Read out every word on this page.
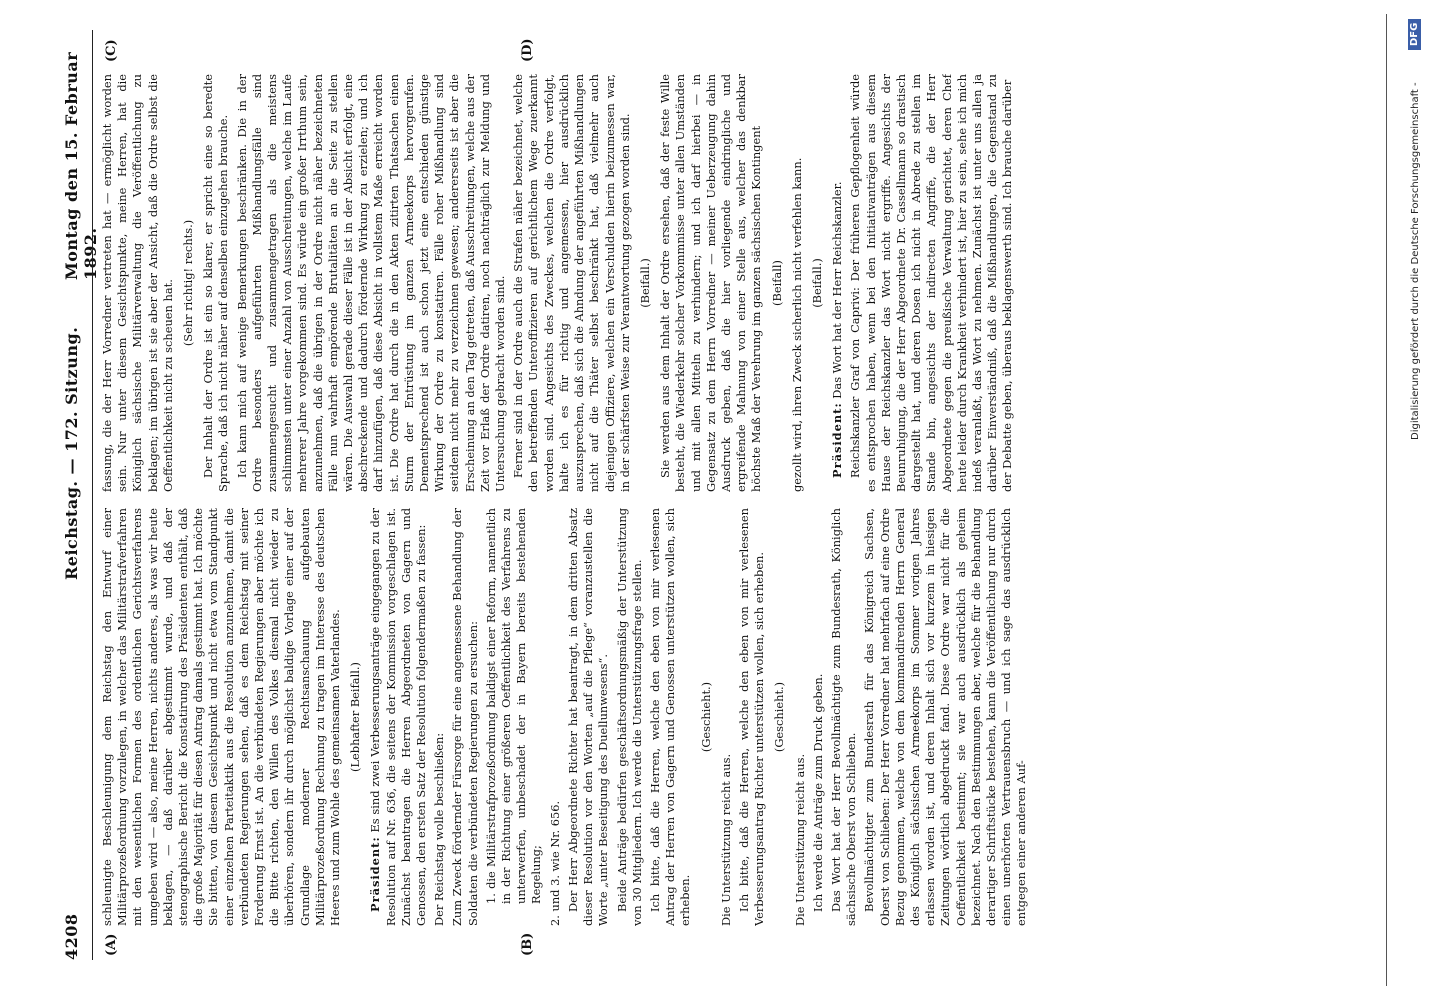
4208
Reichstag. — 172. Sitzung.
Montag den 15. Februar 1892.
(A)	(B)
(C)	(D)

schleunigte Beschleunigung dem Reichstag den Entwurf einer Militärprozeßordnung vorzulegen, in welcher das Militärstrafverfahren mit den wesentlichen Formen des ordentlichen Gerichtsverfahrens umgeben wird — also, meine Herren, nichts anderes, als was wir heute beklagen, — daß darüber abgestimmt wurde, und daß der stenographische Bericht die Konstatirung des Präsidenten enthält, daß die große Majorität für diesen Antrag damals gestimmt hat. Ich möchte Sie bitten, von diesem Gesichtspunkt und nicht etwa vom Standpunkt einer einzelnen Parteitaktik aus die Resolution anzunehmen, damit die verbündeten Regierungen sehen, daß es dem Reichstag mit seiner Forderung Ernst ist. An die verbündeten Regierungen aber möchte ich die Bitte richten, den Willen des Volkes diesmal nicht wieder zu überhören, sondern ihr durch möglichst baldige Vorlage einer auf der Grundlage moderner Rechtsanschauung aufgebauten Militärprozeßordnung Rechnung zu tragen im Interesse des deutschen Heeres und zum Wohle des gemeinsamen Vaterlandes. (Lebhafter Beifall.)

Präsident: Es sind zwei Verbesserungsanträge eingegangen zu der Resolution auf Nr. 636, die seitens der Kommission vorgeschlagen ist. Zunächst beantragen die Herren Abgeordneten von Gagern und Genossen, den ersten Satz der Resolution folgendermaßen zu fassen: Der Reichstag wolle beschließen: Zum Zweck fördernder Fürsorge für eine angemessene Behandlung der Soldaten die verbündeten Regierungen zu ersuchen: 1. die Militärstrafprozeßordnung baldigst einer Reform, namentlich in der Richtung einer größeren Oeffentlichkeit des Verfahrens zu unterwerfen, unbeschadet der in Bayern bereits bestehenden Regelung; 2. und 3. wie Nr. 656. Der Herr Abgeordnete Richter hat beantragt, in dem dritten Absatz dieser Resolution vor den Worten „auf die Pflege“ voranzustellen die Worte „unter Beseitigung des Duellunwesens“. Beide Anträge bedürfen geschäftsordnungsmäßig der Unterstützung von 30 Mitgliedern. Ich werde die Unterstützungsfrage stellen. Ich bitte, daß die Herren, welche den eben von mir verlesenen Antrag der Herren von Gagern und Genossen unterstützen wollen, sich erheben.

(Geschieht.)

Die Unterstützung reicht aus. Ich bitte, daß die Herren, welche den eben von mir verlesenen Verbesserungsantrag Richter unterstützen wollen, sich erheben. (Geschieht.)

Die Unterstützung reicht aus. Ich werde die Anträge zum Druck geben. Das Wort hat der Herr Bevollmächtigte zum Bundesrath, Königlich sächsische Oberst von Schlieben. Bevollmächtigter zum Bundesrath für das Königreich Sachsen, Oberst von Schlieben: Der Herr Vorredner hat mehrfach auf eine Ordre Bezug genommen, welche von dem kommandirenden Herrn General des Königlich sächsischen Armeekorps im Sommer vorigen Jahres erlassen worden ist, und deren Inhalt sich vor kurzem in hiesigen Zeitungen wörtlich abgedruckt fand. Diese Ordre war nicht für die Oeffentlichkeit bestimmt; sie war auch ausdrücklich als geheim bezeichnet. Nach den Bestimmungen aber, welche für die Behandlung derartiger Schriftstücke bestehen, kann die Veröffentlichung nur durch einen unerhörten Vertrauensbruch — und ich sage das ausdrücklich entgegen einer anderen Auf-

fassung, die der Herr Vorredner vertreten hat — ermöglicht worden sein. Nur unter diesem Gesichtspunkte, meine Herren, hat die Königlich sächsische Militärverwaltung die Veröffentlichung zu beklagen; im übrigen ist sie aber der Ansicht, daß die Ordre selbst die Oeffentlichkeit nicht zu scheuen hat. (Sehr richtig! rechts.) Der Inhalt der Ordre ist ein so klarer, er spricht eine so beredte Sprache, daß ich nicht näher auf denselben einzugehen brauche. Ich kann mich auf wenige Bemerkungen beschränken. Die in der Ordre besonders aufgeführten Mißhandlungsfälle sind zusammengesucht und zusammengetragen als die meistens schlimmsten unter einer Anzahl von Ausschreitungen, welche im Laufe mehrerer Jahre vorgekommen sind. Es würde ein großer Irrthum sein, anzunehmen, daß die übrigen in der Ordre nicht näher bezeichneten Fälle nun wahrhaft empörende Brutalitäten an die Seite zu stellen wären. Die Auswahl gerade dieser Fälle ist in der Absicht erfolgt, eine abschreckende und dadurch fördernde Wirkung zu erzielen; und ich darf hinzufügen, daß diese Absicht in vollstem Maße erreicht worden ist. Die Ordre hat durch die in den Akten zitirten Thatsachen einen Sturm der Entrüstung im ganzen Armeekorps hervorgerufen. Dementsprechend ist auch schon jetzt eine entschieden günstige Wirkung der Ordre zu konstatiren. Fälle roher Mißhandlung sind seitdem nicht mehr zu verzeichnen gewesen; andererseits ist aber die Erscheinung an den Tag getreten, daß Ausschreitungen, welche aus der Zeit vor Erlaß der Ordre datiren, noch nachträglich zur Meldung und Untersuchung gebracht worden sind. Ferner sind in der Ordre auch die Strafen näher bezeichnet, welche den betreffenden Unteroffizieren auf gerichtlichem Wege zuerkannt worden sind. Angesichts des Zweckes, welchen die Ordre verfolgt, halte ich es für richtig und angemessen, hier ausdrücklich auszusprechen, daß sich die Ahndung der angeführten Mißhandlungen nicht auf die Thäter selbst beschränkt hat, daß vielmehr auch diejenigen Offiziere, welchen ein Verschulden hierin beizumessen war, in der schärfsten Weise zur Verantwortung gezogen worden sind. (Beifall.) Sie werden aus dem Inhalt der Ordre ersehen, daß der feste Wille besteht, die Wiederkehr solcher Vorkommnisse unter allen Umständen und mit allen Mitteln zu verhindern; und ich darf hierbei — in Gegensatz zu dem Herrn Vorredner — meiner Ueberzeugung dahin Ausdruck geben, daß die hier vorliegende eindringliche und ergreifende Mahnung von einer Stelle aus, welcher das denkbar höchste Maß der Verehrung im ganzen sächsischen Kontingent (Beifall) gezollt wird, ihren Zweck sicherlich nicht verfehlen kann. (Beifall.)

Präsident: Das Wort hat der Herr Reichskanzler. Reichskanzler Graf von Caprivi: Der früheren Gepflogenheit würde es entsprochen haben, wenn bei den Initiativanträgen aus diesem Hause der Reichskanzler das Wort nicht ergriffe. Angesichts der Beunruhigung, die der Herr Abgeordnete Dr. Cassellmann so drastisch dargestellt hat, und deren Dosen ich nicht in Abrede zu stellen im Stande bin, angesichts der indirecten Angriffe, die der Herr Abgeordnete gegen die preußische Verwaltung gerichtet, deren Chef heute leider durch Krankheit verhindert ist, hier zu sein, sehe ich mich indeß veranlaßt, das Wort zu nehmen. Zunächst ist unter uns allen ja darüber Einverständniß, daß die Mißhandlungen, die Gegenstand zu der Debatte geben, überaus beklagenswerth sind. Ich brauche darüber	Digitalisierung gefördert durch die Deutsche Forschungsgemeinschaft -
DFG
